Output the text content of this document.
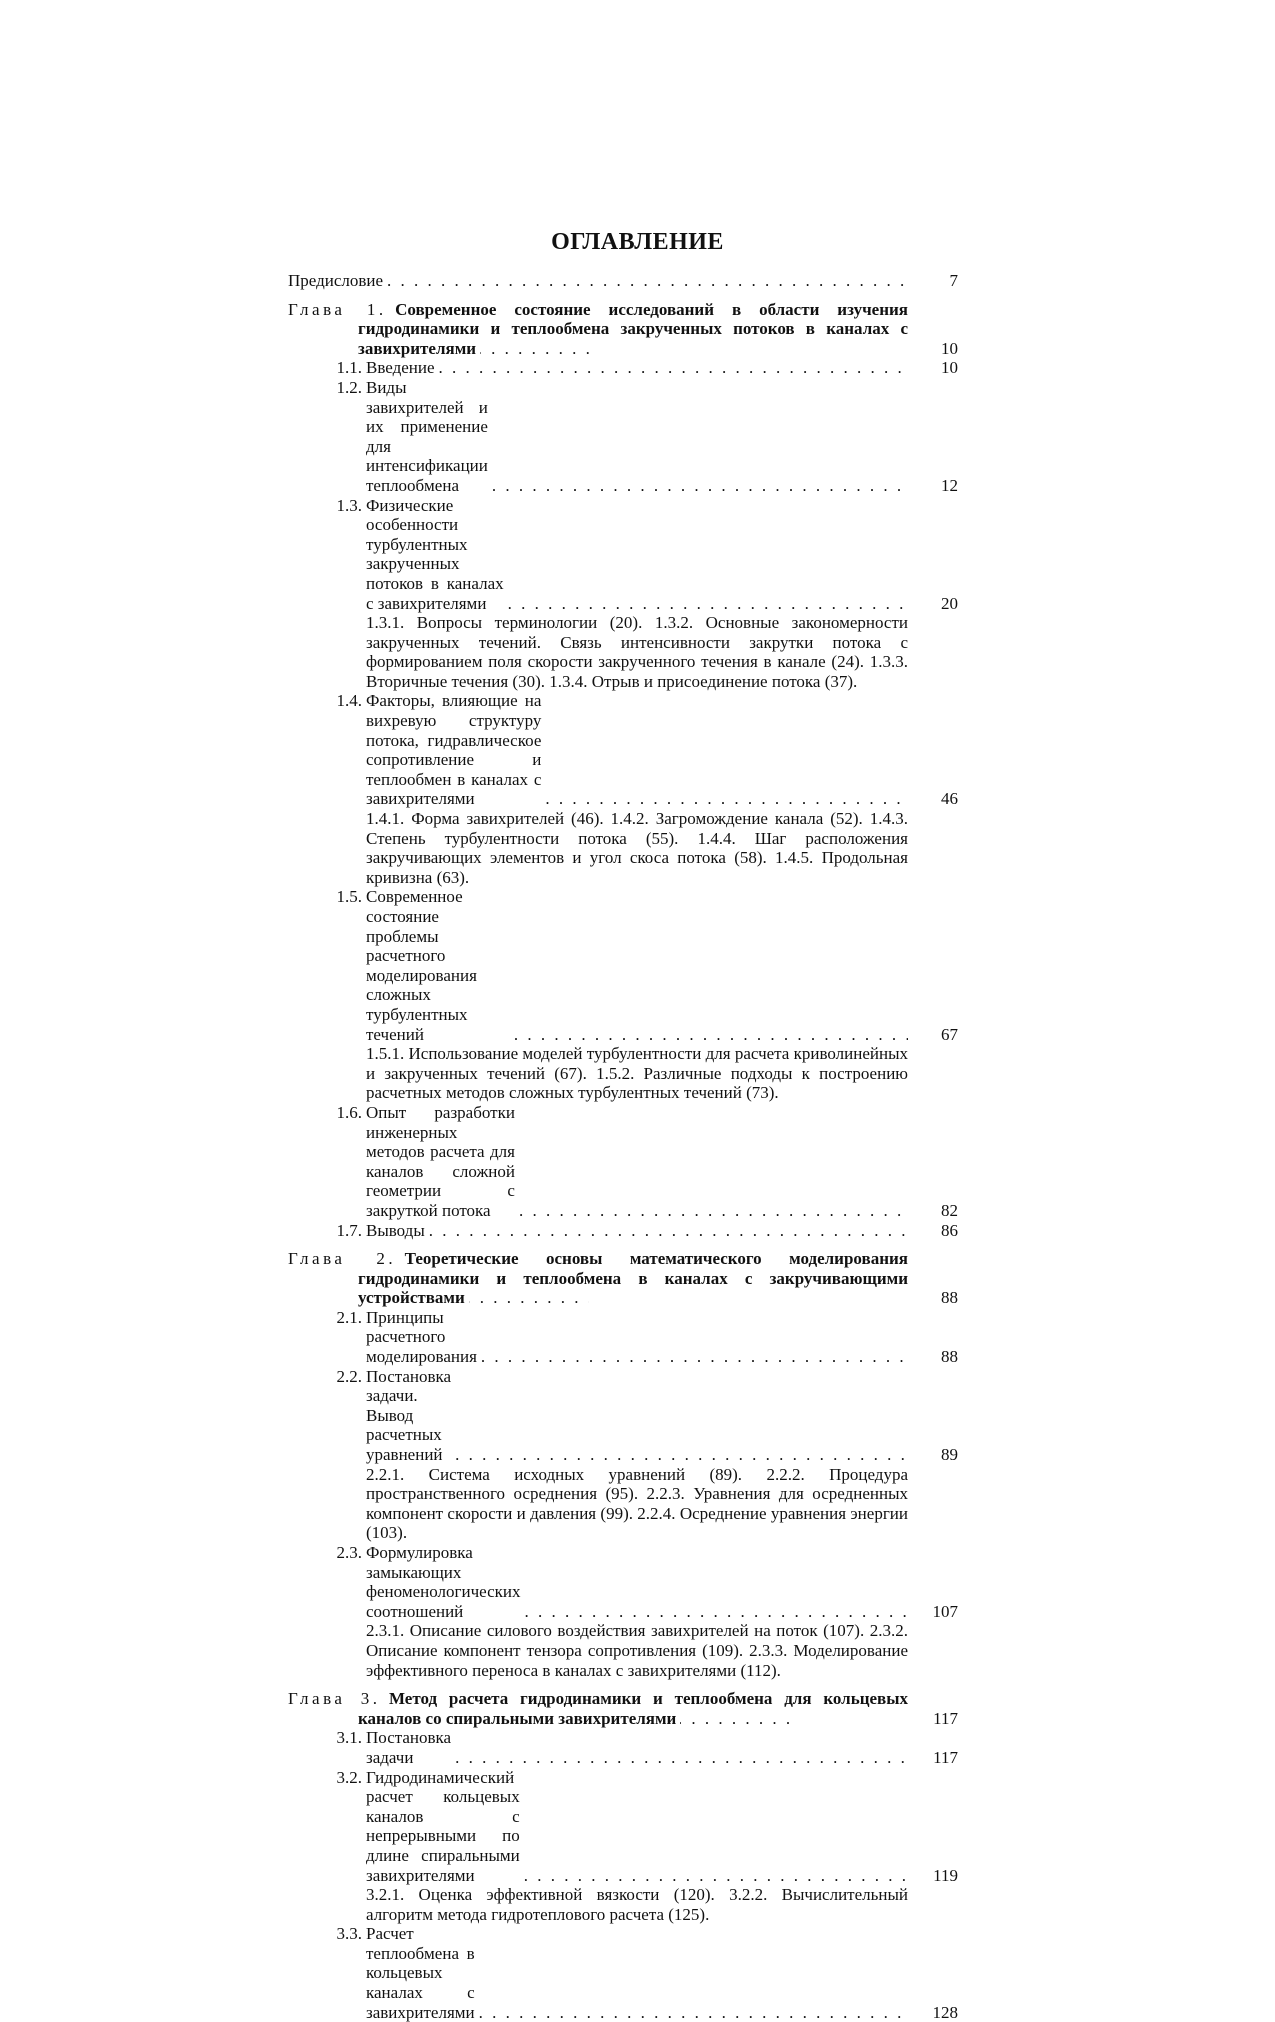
ОГЛАВЛЕНИЕ
Предисловие . . .	7
Глава 1.  Современное состояние исследований в области изучения гидродинамики и теплообмена закрученных потоков в каналах с завихрителями . . .	10
1.1. Введение . . .	10
1.2. Виды завихрителей и их применение для интенсификации теплообмена . . .	12
1.3. Физические особенности турбулентных закрученных потоков в каналах с завихрителями . . .	20
1.3.1. Вопросы терминологии (20). 1.3.2. Основные закономерности закрученных течений. Связь интенсивности закрутки потока с формированием поля скорости закрученного течения в канале (24). 1.3.3. Вторичные течения (30). 1.3.4. Отрыв и присоединение потока (37).
1.4. Факторы, влияющие на вихревую структуру потока, гидравлическое сопротивление и теплообмен в каналах с завихрителями . . .	46
1.4.1. Форма завихрителей (46). 1.4.2. Загромождение канала (52). 1.4.3. Степень турбулентности потока (55). 1.4.4. Шаг расположения закручивающих элементов и угол скоса потока (58). 1.4.5. Продольная кривизна (63).
1.5. Современное состояние проблемы расчетного моделирования сложных турбулентных течений . . .	67
1.5.1. Использование моделей турбулентности для расчета криволинейных и закрученных течений (67). 1.5.2. Различные подходы к построению расчетных методов сложных турбулентных течений (73).
1.6. Опыт разработки инженерных методов расчета для каналов сложной геометрии с закруткой потока . . .	82
1.7. Выводы . . .	86
Глава 2.  Теоретические основы математического моделирования гидродинамики и теплообмена в каналах с закручивающими устройствами . . .	88
2.1. Принципы расчетного моделирования . . .	88
2.2. Постановка задачи. Вывод расчетных уравнений . . .	89
2.2.1. Система исходных уравнений (89). 2.2.2. Процедура пространственного осреднения (95). 2.2.3. Уравнения для осредненных компонент скорости и давления (99). 2.2.4. Осреднение уравнения энергии (103).
2.3. Формулировка замыкающих феноменологических соотношений . . .	107
2.3.1. Описание силового воздействия завихрителей на поток (107). 2.3.2. Описание компонент тензора сопротивления (109). 2.3.3. Моделирование эффективного переноса в каналах с завихрителями (112).
Глава 3.  Метод расчета гидродинамики и теплообмена для кольцевых каналов со спиральными завихрителями . . .	117
3.1. Постановка задачи . . .	117
3.2. Гидродинамический расчет кольцевых каналов с непрерывными по длине спиральными завихрителями . . .	119
3.2.1. Оценка эффективной вязкости (120). 3.2.2. Вычислительный алгоритм метода гидротеплового расчета (125).
3.3. Расчет теплообмена в кольцевых каналах с завихрителями . . .	128
